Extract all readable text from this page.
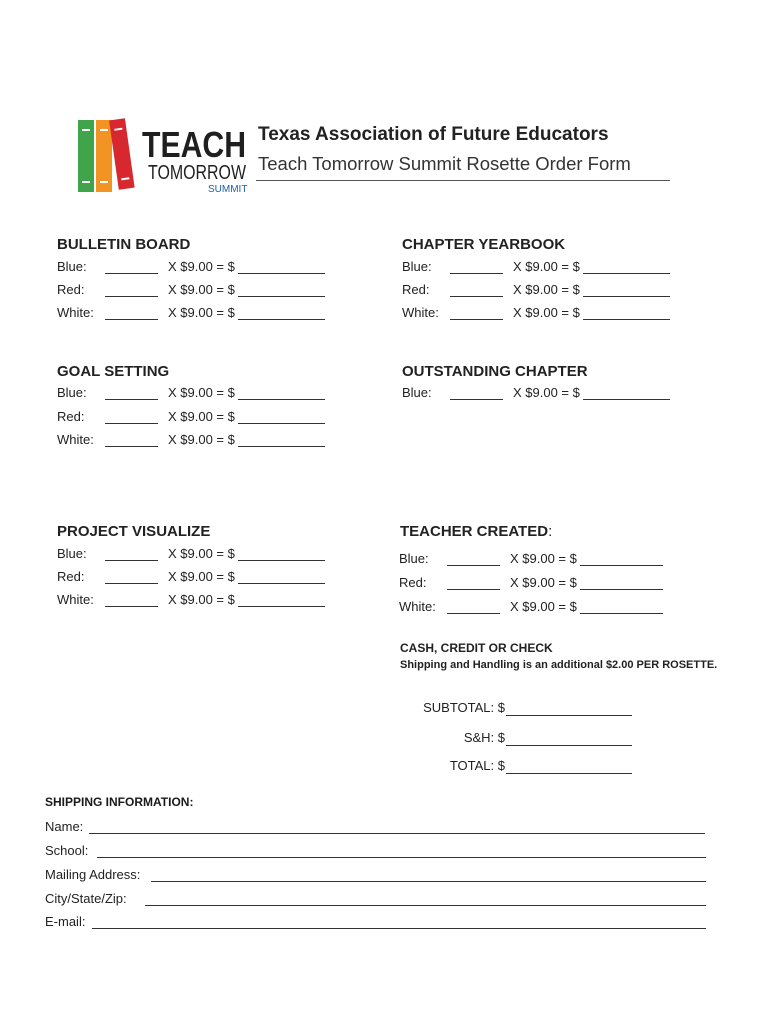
TEACH
TOMORROW
SUMMIT
Texas Association of Future Educators
Teach Tomorrow Summit Rosette Order Form
BULLETIN BOARD
Blue:	X $9.00 = $
Red:	X $9.00 = $
White:	X $9.00 = $
CHAPTER YEARBOOK
Blue:	X $9.00 = $
Red:	X $9.00 = $
White:	X $9.00 = $
GOAL SETTING
Blue:	X $9.00 = $
Red:	X $9.00 = $
White:	X $9.00 = $
OUTSTANDING CHAPTER
Blue:	X $9.00 = $
PROJECT VISUALIZE
Blue:	X $9.00 = $
Red:	X $9.00 = $
White:	X $9.00 = $
TEACHER CREATED:
Blue:	X $9.00 = $
Red:	X $9.00 = $
White:	X $9.00 = $
CASH, CREDIT OR CHECK
Shipping and Handling is an additional $2.00 PER ROSETTE.
SUBTOTAL: $
S&H: $
TOTAL: $
SHIPPING INFORMATION:
Name:
School:
Mailing Address:
City/State/Zip:
E-mail:
